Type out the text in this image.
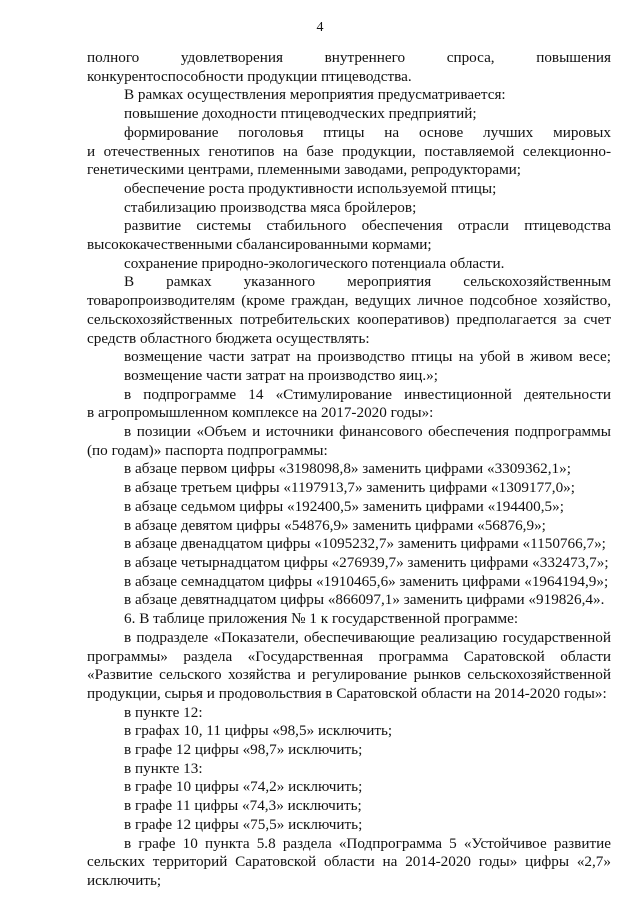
4

полного удовлетворения внутреннего спроса, повышения

конкурентоспособности продукции птицеводства.

В рамках осуществления мероприятия предусматривается:

повышение доходности птицеводческих предприятий;

формирование поголовья птицы на основе лучших мировых

и отечественных генотипов на базе продукции, поставляемой селекционно-

генетическими центрами, племенными заводами, репродукторами;

обеспечение роста продуктивности используемой птицы;

стабилизацию производства мяса бройлеров;

развитие системы стабильного обеспечения отрасли птицеводства

высококачественными сбалансированными кормами;

сохранение природно-экологического потенциала области.

В рамках указанного мероприятия сельскохозяйственным

товаропроизводителям (кроме граждан, ведущих личное подсобное хозяйство,

сельскохозяйственных потребительских кооперативов) предполагается за счет

средств областного бюджета осуществлять:

возмещение части затрат на производство птицы на убой в живом весе;

возмещение части затрат на производство яиц.»;

в подпрограмме 14 «Стимулирование инвестиционной деятельности

в агропромышленном комплексе на 2017-2020 годы»:

в позиции «Объем и источники финансового обеспечения подпрограммы

(по годам)» паспорта подпрограммы:

в абзаце первом цифры «3198098,8» заменить цифрами «3309362,1»;

в абзаце третьем цифры «1197913,7» заменить цифрами «1309177,0»;

в абзаце седьмом цифры «192400,5» заменить цифрами «194400,5»;

в абзаце девятом цифры «54876,9» заменить цифрами «56876,9»;

в абзаце двенадцатом цифры «1095232,7» заменить цифрами «1150766,7»;

в абзаце четырнадцатом цифры «276939,7» заменить цифрами «332473,7»;

в абзаце семнадцатом цифры «1910465,6» заменить цифрами «1964194,9»;

в абзаце девятнадцатом цифры «866097,1» заменить цифрами «919826,4».

6. В таблице приложения № 1 к государственной программе:

в подразделе «Показатели, обеспечивающие реализацию государственной

программы» раздела «Государственная программа Саратовской области

«Развитие сельского хозяйства и регулирование рынков сельскохозяйственной

продукции, сырья и продовольствия в Саратовской области на 2014-2020 годы»:

в пункте 12:

в графах 10, 11 цифры «98,5» исключить;

в графе 12 цифры «98,7» исключить;

в пункте 13:

в графе 10 цифры «74,2» исключить;

в графе 11 цифры «74,3» исключить;

в графе 12 цифры «75,5» исключить;

в графе 10 пункта 5.8 раздела «Подпрограмма 5 «Устойчивое развитие

сельских территорий Саратовской области на 2014-2020 годы» цифры «2,7»

исключить;
